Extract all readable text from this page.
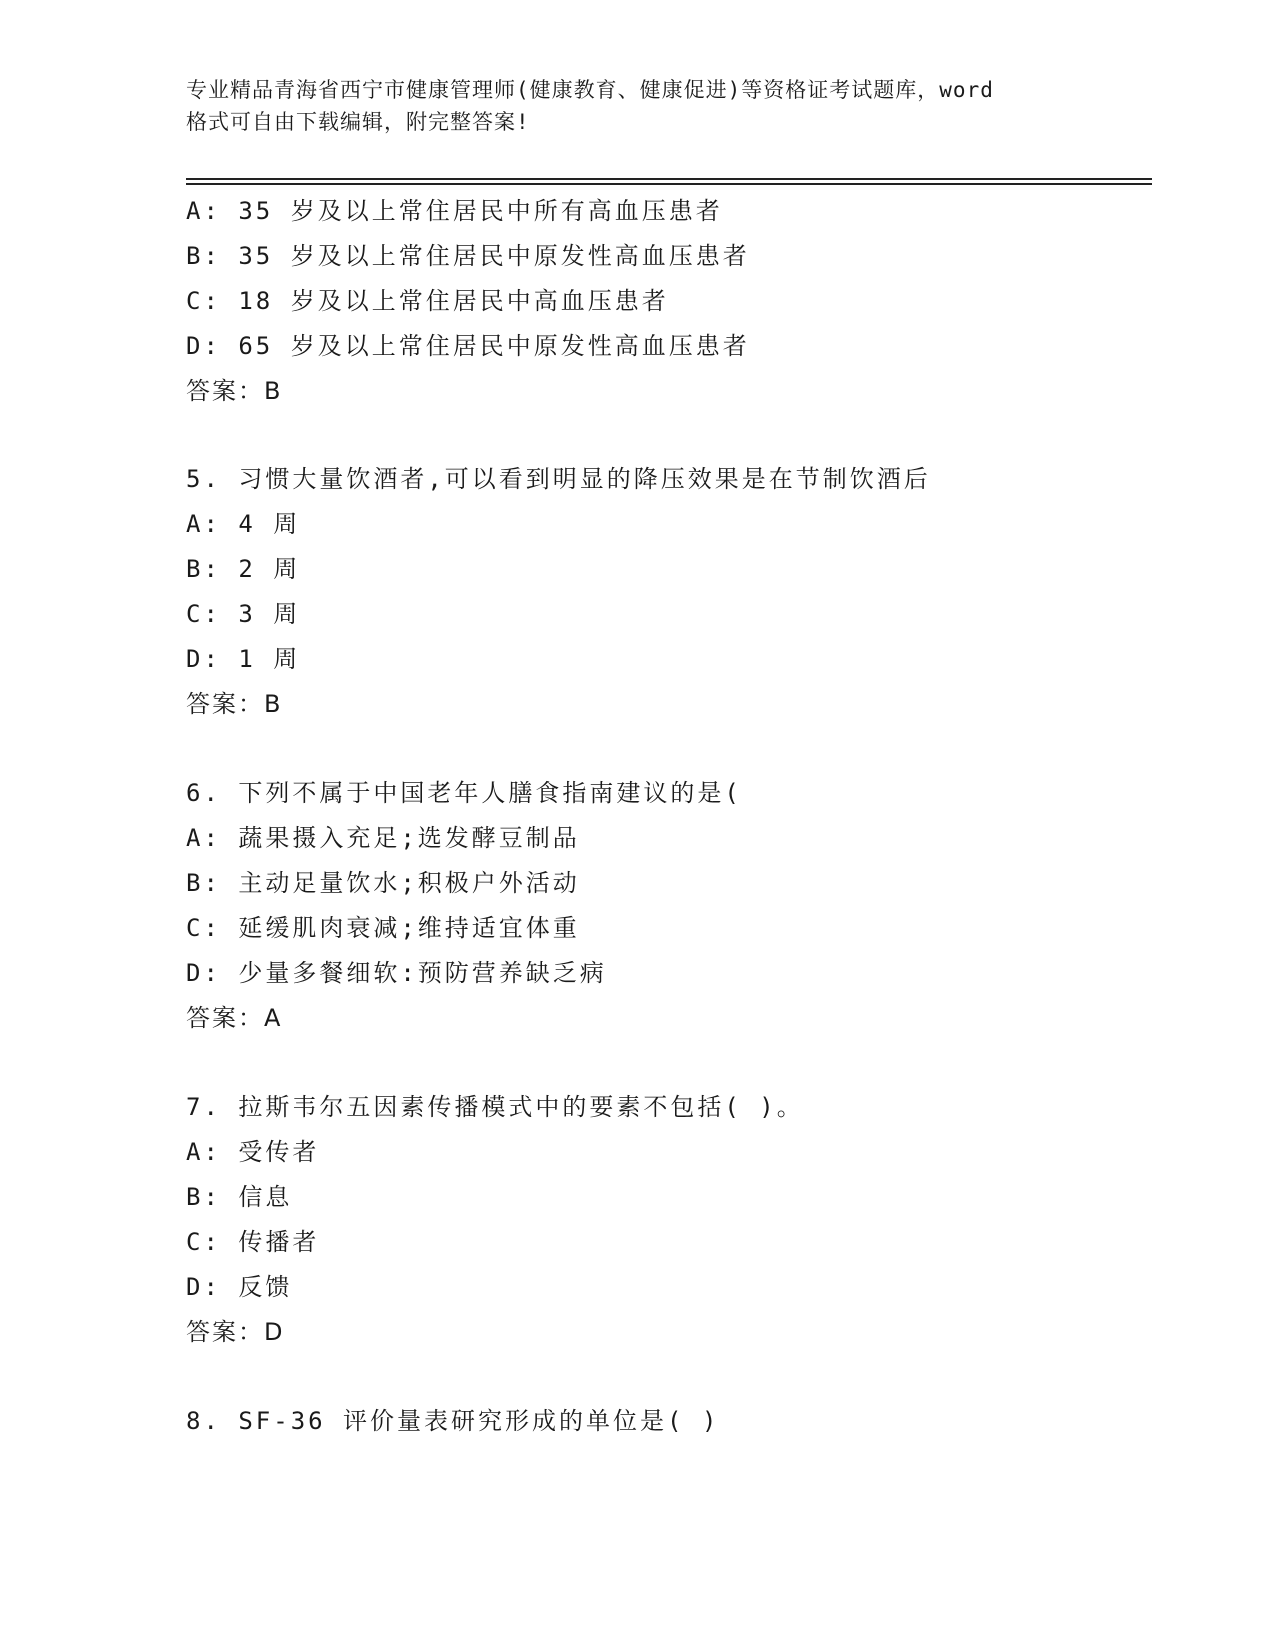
专业精品青海省西宁市健康管理师(健康教育、健康促进)等资格证考试题库，word
格式可自由下载编辑，附完整答案!
A: 35 岁及以上常住居民中所有高血压患者
B: 35 岁及以上常住居民中原发性高血压患者
C: 18 岁及以上常住居民中高血压患者
D: 65 岁及以上常住居民中原发性高血压患者
答案：B
5. 习惯大量饮酒者,可以看到明显的降压效果是在节制饮酒后
A: 4 周
B: 2 周
C: 3 周
D: 1 周
答案：B
6. 下列不属于中国老年人膳食指南建议的是(
A: 蔬果摄入充足;选发酵豆制品
B: 主动足量饮水;积极户外活动
C: 延缓肌肉衰减;维持适宜体重
D: 少量多餐细软:预防营养缺乏病
答案：A
7. 拉斯韦尔五因素传播模式中的要素不包括( )。
A: 受传者
B: 信息
C: 传播者
D: 反馈
答案：D
8. SF-36 评价量表研究形成的单位是( )
